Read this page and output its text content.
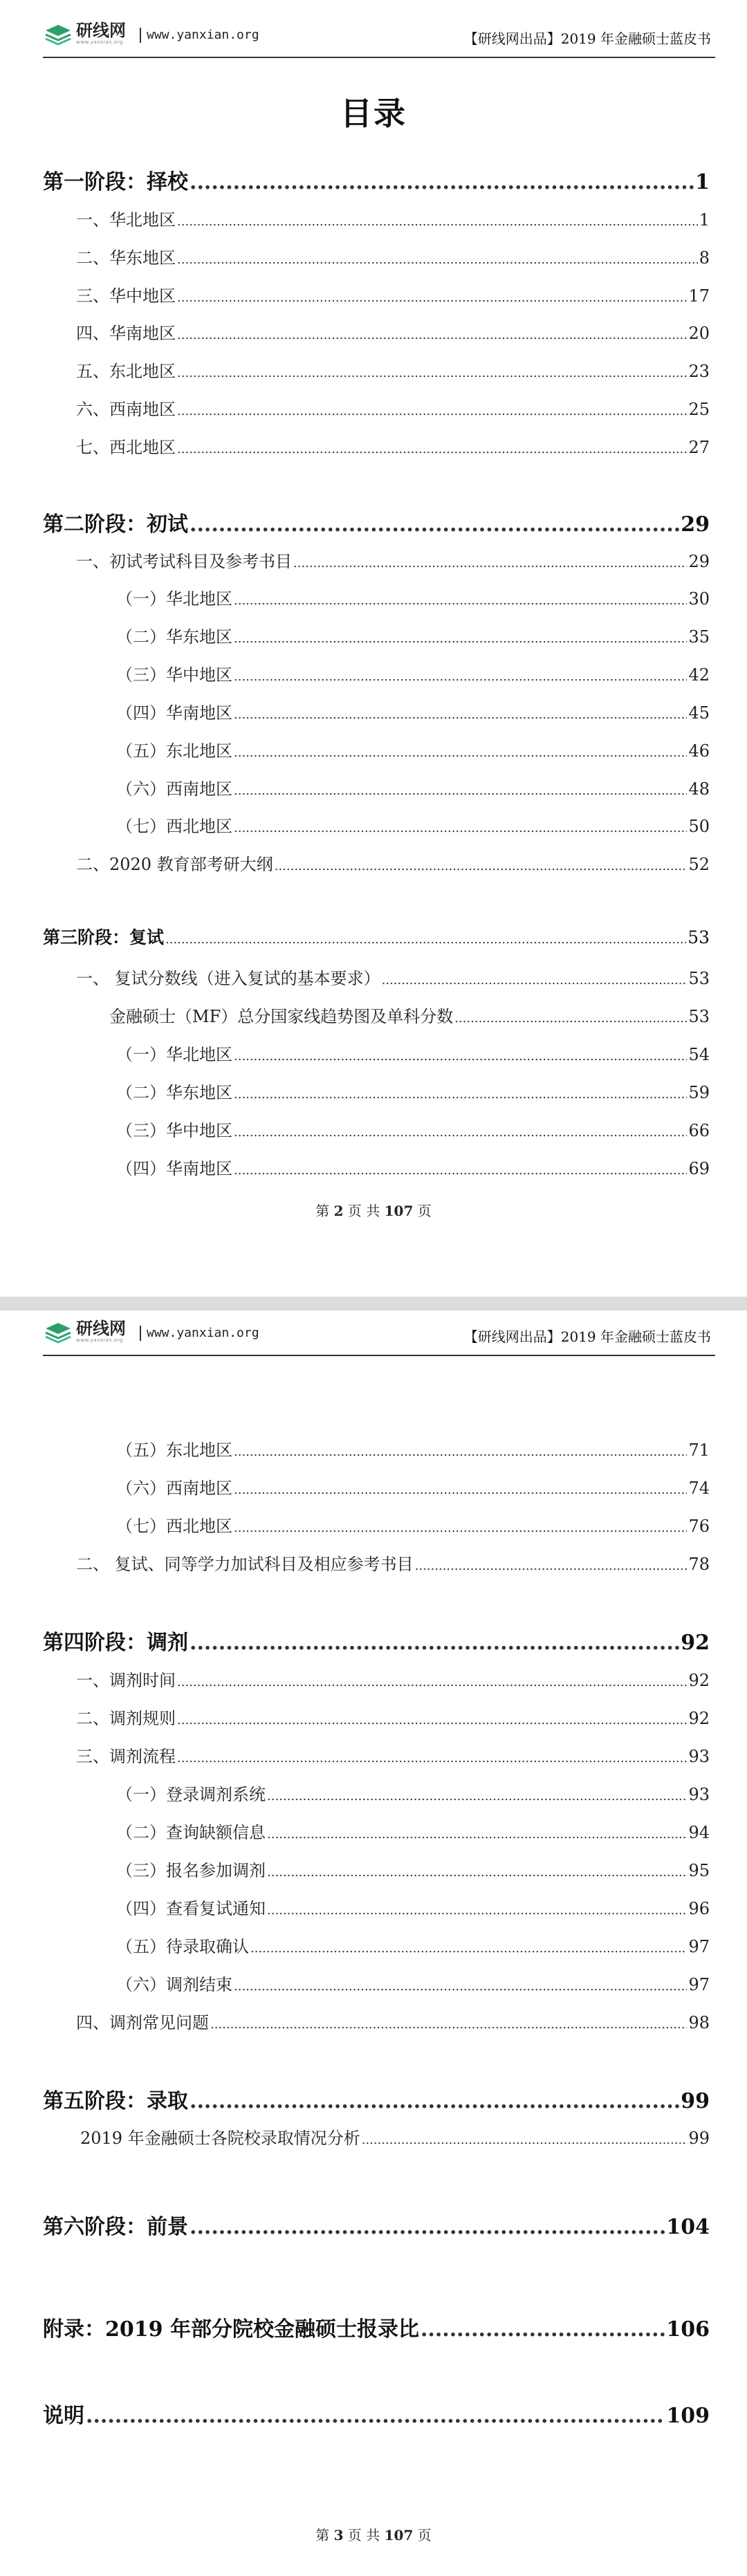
研线网
www.yanxian.org	www.yanxian.org	【研线网出品】2019 年金融硕士蓝皮书
目录
第一阶段：择校 .....	1
一、华北地区 .....	1
二、华东地区 .....	8
三、华中地区 .....	17
四、华南地区 .....	20
五、东北地区 .....	23
六、西南地区 .....	25
七、西北地区 .....	27
第二阶段：初试 .....	29
一、初试考试科目及参考书目 .....	29
（一）华北地区 .....	30
（二）华东地区 .....	35
（三）华中地区 .....	42
（四）华南地区 .....	45
（五）东北地区 .....	46
（六）西南地区 .....	48
（七）西北地区 .....	50
二、2020 教育部考研大纲 .....	52
第三阶段：复试 .....	53
一、 复试分数线（进入复试的基本要求） .....	53
金融硕士（MF）总分国家线趋势图及单科分数 .....	53
（一）华北地区 .....	54
（二）华东地区 .....	59
（三）华中地区 .....	66
（四）华南地区 .....	69
第 2 页 共 107 页
研线网
www.yanxian.org	www.yanxian.org	【研线网出品】2019 年金融硕士蓝皮书
（五）东北地区 .....	71
（六）西南地区 .....	74
（七）西北地区 .....	76
二、 复试、同等学力加试科目及相应参考书目 .....	78
第四阶段：调剂 .....	92
一、调剂时间 .....	92
二、调剂规则 .....	92
三、调剂流程 .....	93
（一）登录调剂系统 .....	93
（二）查询缺额信息 .....	94
（三）报名参加调剂 .....	95
（四）查看复试通知 .....	96
（五）待录取确认 .....	97
（六）调剂结束 .....	97
四、调剂常见问题 .....	98
第五阶段：录取 .....	99
2019 年金融硕士各院校录取情况分析 .....	99
第六阶段：前景 .....	104
附录：2019 年部分院校金融硕士报录比 .....	106
说明 .....	109
第 3 页 共 107 页
